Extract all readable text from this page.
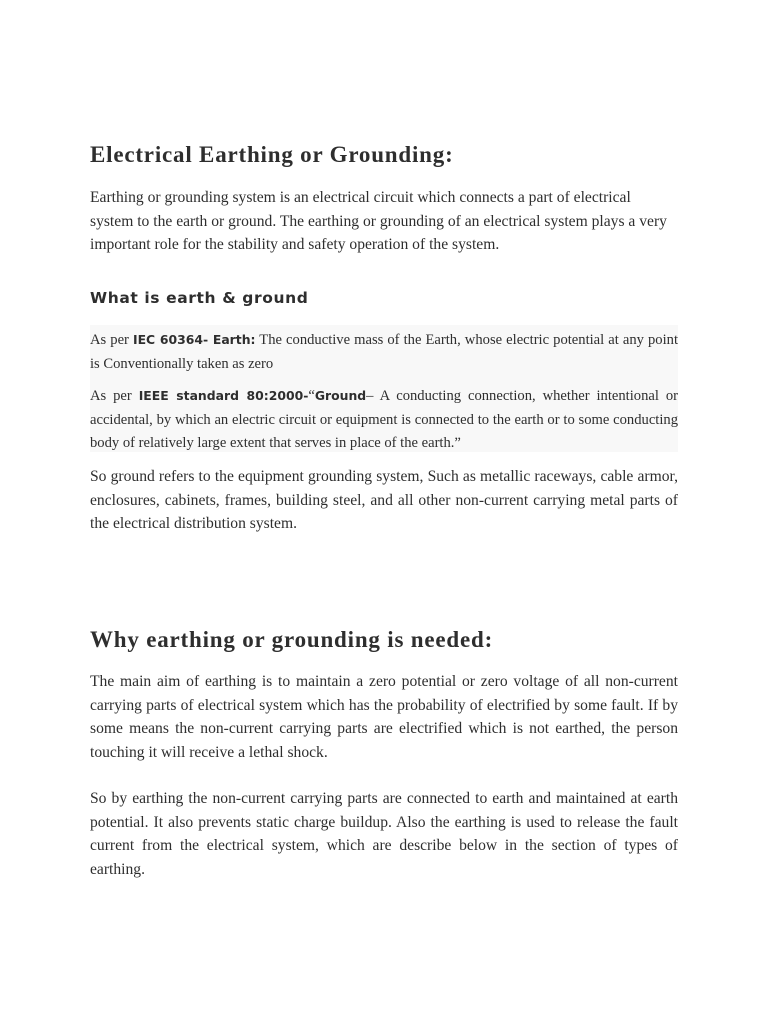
Electrical Earthing or Grounding:

Earthing or grounding system is an electrical circuit which connects a part of electrical system to the earth or ground. The earthing or grounding of an electrical system plays a very important role for the stability and safety operation of the system.

What is earth & ground

As per IEC 60364- Earth: The conductive mass of the Earth, whose electric potential at any point is Conventionally taken as zero

As per IEEE standard 80:2000-“Ground– A conducting connection, whether intentional or accidental, by which an electric circuit or equipment is connected to the earth or to some conducting body of relatively large extent that serves in place of the earth.”

So ground refers to the equipment grounding system, Such as metallic raceways, cable armor, enclosures, cabinets, frames, building steel, and all other non-current carrying metal parts of the electrical distribution system.

Why earthing or grounding is needed:

The main aim of earthing is to maintain a zero potential or zero voltage of all non-current carrying parts of electrical system which has the probability of electrified by some fault. If by some means the non-current carrying parts are electrified which is not earthed, the person touching it will receive a lethal shock.

So by earthing the non-current carrying parts are connected to earth and maintained at earth potential. It also prevents static charge buildup. Also the earthing is used to release the fault current from the electrical system, which are describe below in the section of types of earthing.
